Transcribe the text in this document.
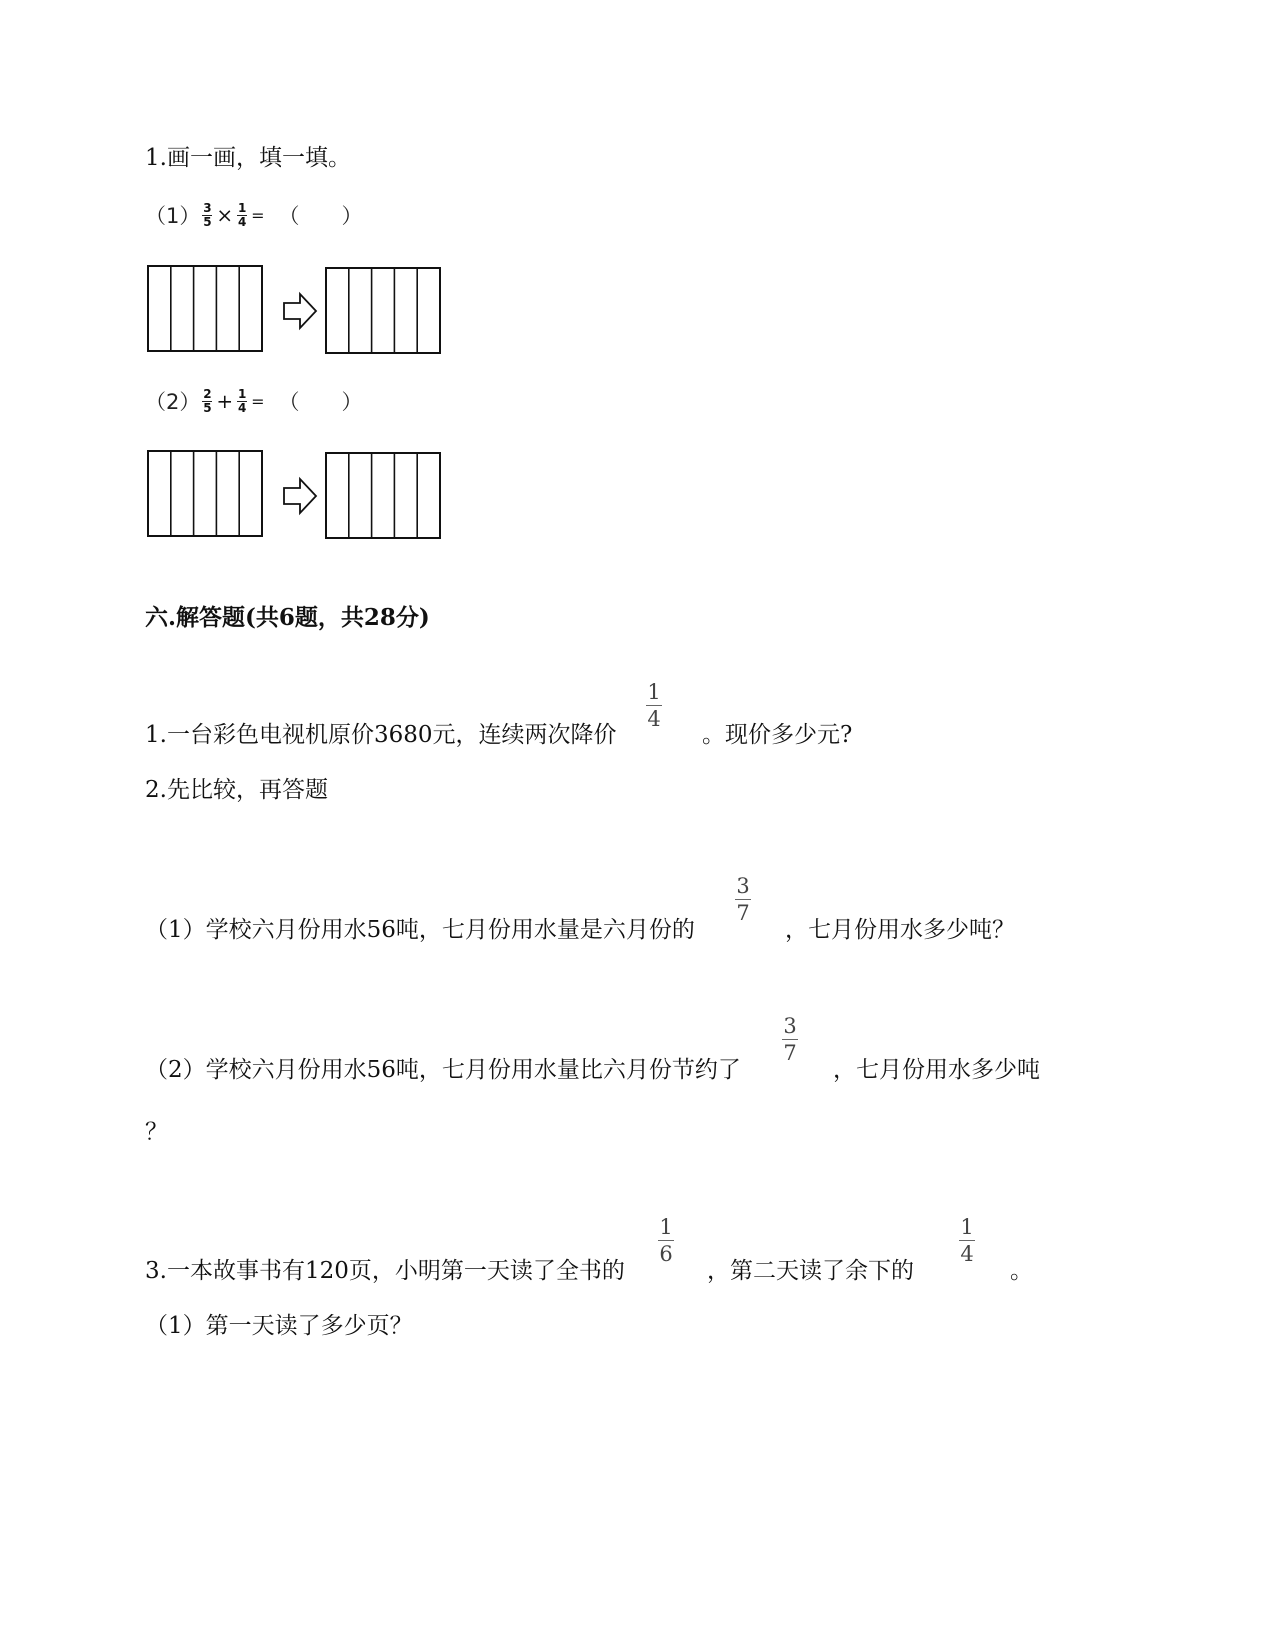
1.画一画，填一填。
（1） 3
5 × 1
4 = （　　）
（2） 2
5 + 1
4 = （　　）
六.解答题(共6题，共28分)
1.一台彩色电视机原价3680元，连续两次降价
1
4
。现价多少元?
2.先比较，再答题
（1）学校六月份用水56吨，七月份用水量是六月份的
3
7
，七月份用水多少吨？
（2）学校六月份用水56吨，七月份用水量比六月份节约了
3
7
，七月份用水多少吨
？
3.一本故事书有120页，小明第一天读了全书的
1
6
，第二天读了余下的
1
4
。
（1）第一天读了多少页？
